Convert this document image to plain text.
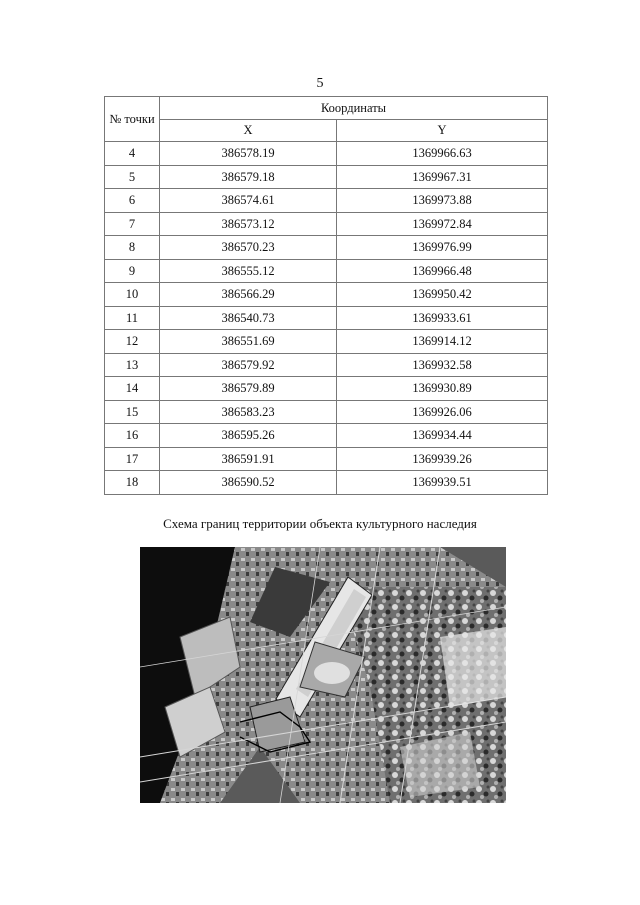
5
№ точки	Координаты	
	X	Y
4	386578.19	1369966.63
5	386579.18	1369967.31
6	386574.61	1369973.88
7	386573.12	1369972.84
8	386570.23	1369976.99
9	386555.12	1369966.48
10	386566.29	1369950.42
11	386540.73	1369933.61
12	386551.69	1369914.12
13	386579.92	1369932.58
14	386579.89	1369930.89
15	386583.23	1369926.06
16	386595.26	1369934.44
17	386591.91	1369939.26
18	386590.52	1369939.51
Схема границ территории объекта культурного наследия
